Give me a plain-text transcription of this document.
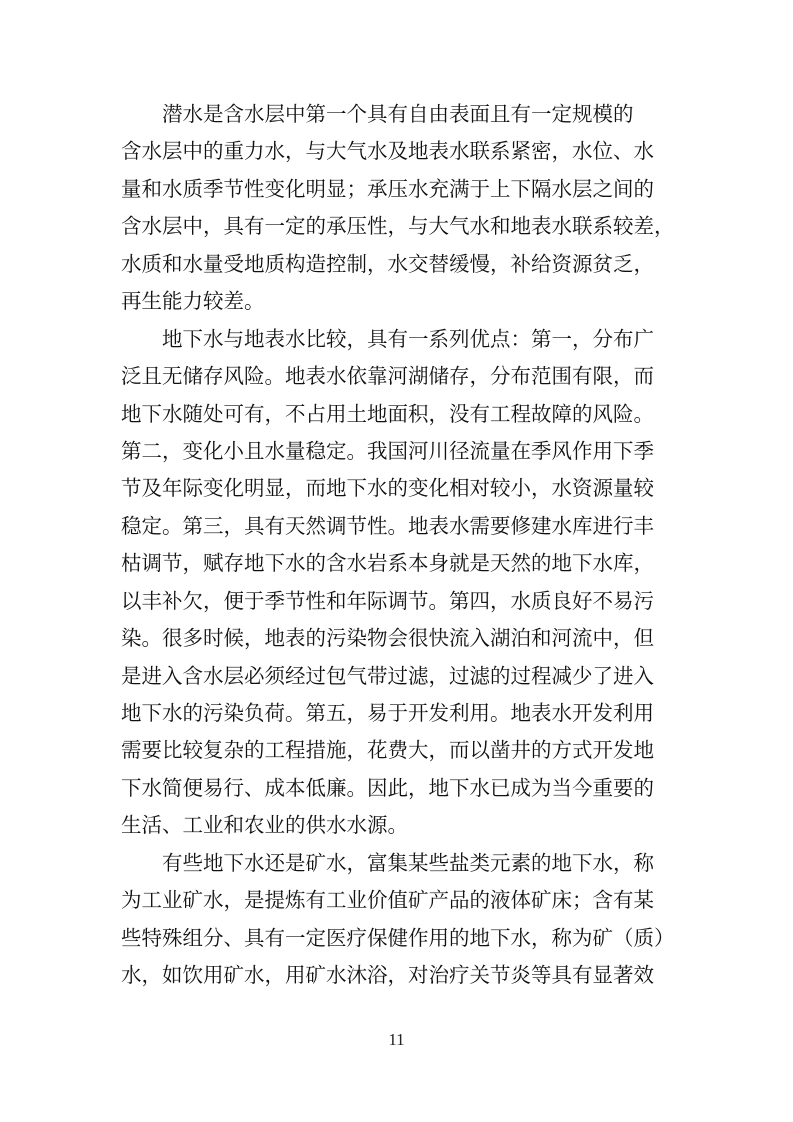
　　潜水是含水层中第一个具有自由表面且有一定规模的
含水层中的重力水，与大气水及地表水联系紧密，水位、水
量和水质季节性变化明显；承压水充满于上下隔水层之间的
含水层中，具有一定的承压性，与大气水和地表水联系较差，
水质和水量受地质构造控制，水交替缓慢，补给资源贫乏，
再生能力较差。
　　地下水与地表水比较，具有一系列优点：第一，分布广
泛且无储存风险。地表水依靠河湖储存，分布范围有限，而
地下水随处可有，不占用土地面积，没有工程故障的风险。
第二，变化小且水量稳定。我国河川径流量在季风作用下季
节及年际变化明显，而地下水的变化相对较小，水资源量较
稳定。第三，具有天然调节性。地表水需要修建水库进行丰
枯调节，赋存地下水的含水岩系本身就是天然的地下水库，
以丰补欠，便于季节性和年际调节。第四，水质良好不易污
染。很多时候，地表的污染物会很快流入湖泊和河流中，但
是进入含水层必须经过包气带过滤，过滤的过程减少了进入
地下水的污染负荷。第五，易于开发利用。地表水开发利用
需要比较复杂的工程措施，花费大，而以凿井的方式开发地
下水简便易行、成本低廉。因此，地下水已成为当今重要的
生活、工业和农业的供水水源。
　　有些地下水还是矿水，富集某些盐类元素的地下水，称
为工业矿水，是提炼有工业价值矿产品的液体矿床；含有某
些特殊组分、具有一定医疗保健作用的地下水，称为矿（质）
水，如饮用矿水，用矿水沐浴，对治疗关节炎等具有显著效
11
